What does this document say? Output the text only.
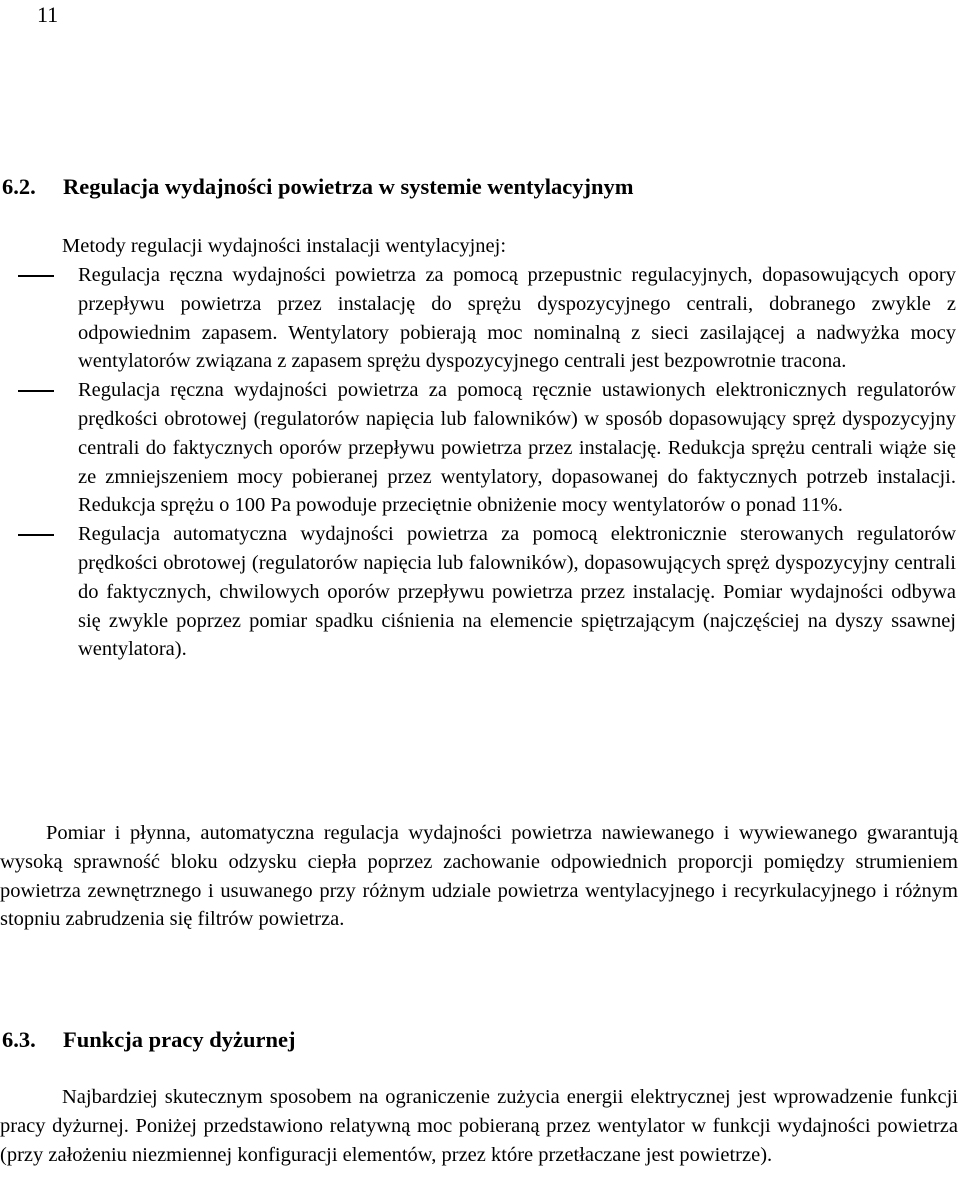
11
6.2. Regulacja wydajności powietrza w systemie wentylacyjnym
Metody regulacji wydajności instalacji wentylacyjnej:
Regulacja ręczna wydajności powietrza za pomocą przepustnic regulacyjnych, dopasowujących opory przepływu powietrza przez instalację do sprężu dyspozycyjnego centrali, dobranego zwykle z odpowiednim zapasem. Wentylatory pobierają moc nominalną z sieci zasilającej a nadwyżka mocy wentylatorów związana z zapasem sprężu dyspozycyjnego centrali jest bezpowrotnie tracona.
Regulacja ręczna wydajności powietrza za pomocą ręcznie ustawionych elektronicznych regulatorów prędkości obrotowej (regulatorów napięcia lub falowników) w sposób dopasowujący spręż dyspozycyjny centrali do faktycznych oporów przepływu powietrza przez instalację. Redukcja sprężu centrali wiąże się ze zmniejszeniem mocy pobieranej przez wentylatory, dopasowanej do faktycznych potrzeb instalacji. Redukcja sprężu o 100 Pa powoduje przeciętnie obniżenie mocy wentylatorów o ponad 11%.
Regulacja automatyczna wydajności powietrza za pomocą elektronicznie sterowanych regulatorów prędkości obrotowej (regulatorów napięcia lub falowników), dopasowujących spręż dyspozycyjny centrali do faktycznych, chwilowych oporów przepływu powietrza przez instalację. Pomiar wydajności odbywa się zwykle poprzez pomiar spadku ciśnienia na elemencie spiętrzającym (najczęściej na dyszy ssawnej wentylatora).
Pomiar i płynna, automatyczna regulacja wydajności powietrza nawiewanego i wywiewanego gwarantują wysoką sprawność bloku odzysku ciepła poprzez zachowanie odpowiednich proporcji pomiędzy strumieniem powietrza zewnętrznego i usuwanego przy różnym udziale powietrza wentylacyjnego i recyrkulacyjnego i różnym stopniu zabrudzenia się filtrów powietrza.
6.3. Funkcja pracy dyżurnej
Najbardziej skutecznym sposobem na ograniczenie zużycia energii elektrycznej jest wprowadzenie funkcji pracy dyżurnej. Poniżej przedstawiono relatywną moc pobieraną przez wentylator w funkcji wydajności powietrza (przy założeniu niezmiennej konfiguracji elementów, przez które przetłaczane jest powietrze).
